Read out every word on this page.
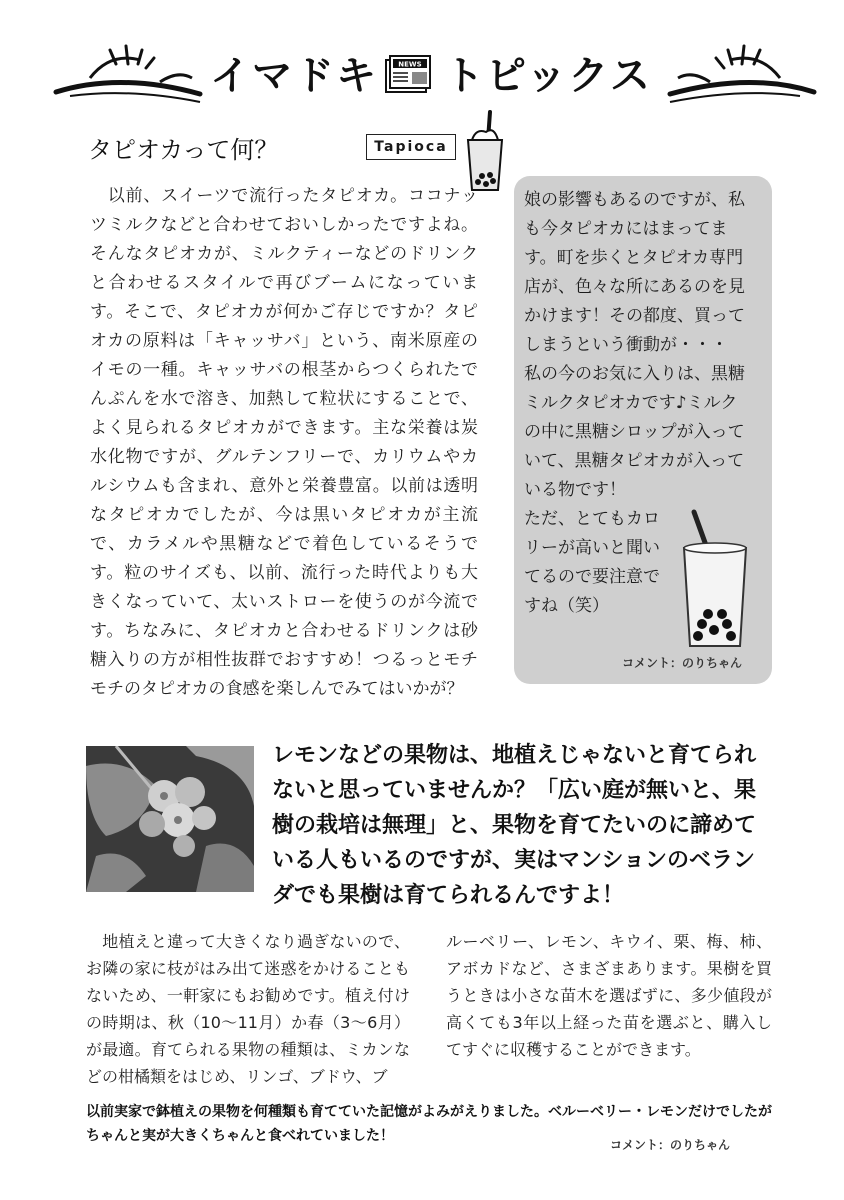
イマドキ	NEWS トピックス
タピオカって何？	Tapioca
　以前、スイーツで流行ったタピオカ。ココナッツミルクなどと合わせておいしかったですよね。そんなタピオカが、ミルクティーなどのドリンクと合わせるスタイルで再びブームになっています。そこで、タピオカが何かご存じですか？タピオカの原料は「キャッサバ」という、南米原産のイモの一種。キャッサバの根茎からつくられたでんぷんを水で溶き、加熱して粒状にすることで、よく見られるタピオカができます。主な栄養は炭水化物ですが、グルテンフリーで、カリウムやカルシウムも含まれ、意外と栄養豊富。以前は透明なタピオカでしたが、今は黒いタピオカが主流で、カラメルや黒糖などで着色しているそうです。粒のサイズも、以前、流行った時代よりも大きくなっていて、太いストローを使うのが今流です。ちなみに、タピオカと合わせるドリンクは砂糖入りの方が相性抜群でおすすめ！つるっとモチモチのタピオカの食感を楽しんでみてはいかが？

娘の影響もあるのですが、私も今タピオカにはまってます。町を歩くとタピオカ専門店が、色々な所にあるのを見かけます！その都度、買ってしまうという衝動が・・・

私の今のお気に入りは、黒糖ミルクタピオカです♪ミルクの中に黒糖シロップが入っていて、黒糖タピオカが入っている物です！

ただ、とてもカロリーが高いと聞いてるので要注意ですね（笑）

コメント：のりちゃん
レモンなどの果物は、地植えじゃないと育てられないと思っていませんか？「広い庭が無いと、果樹の栽培は無理」と、果物を育てたいのに諦めている人もいるのですが、実はマンションのベランダでも果樹は育てられるんですよ！
　地植えと違って大きくなり過ぎないので、お隣の家に枝がはみ出て迷惑をかけることもないため、一軒家にもお勧めです。植え付けの時期は、秋（10～11月）か春（3～6月）が最適。育てられる果物の種類は、ミカンなどの柑橘類をはじめ、リンゴ、ブドウ、ブ
ルーベリー、レモン、キウイ、栗、梅、柿、アボカドなど、さまざまあります。果樹を買うときは小さな苗木を選ばずに、多少値段が高くても3年以上経った苗を選ぶと、購入してすぐに収穫することができます。
以前実家で鉢植えの果物を何種類も育てていた記憶がよみがえりました。ベルーベリー・レモンだけでしたがちゃんと実が大きくちゃんと食べれていました！
コメント：のりちゃん
